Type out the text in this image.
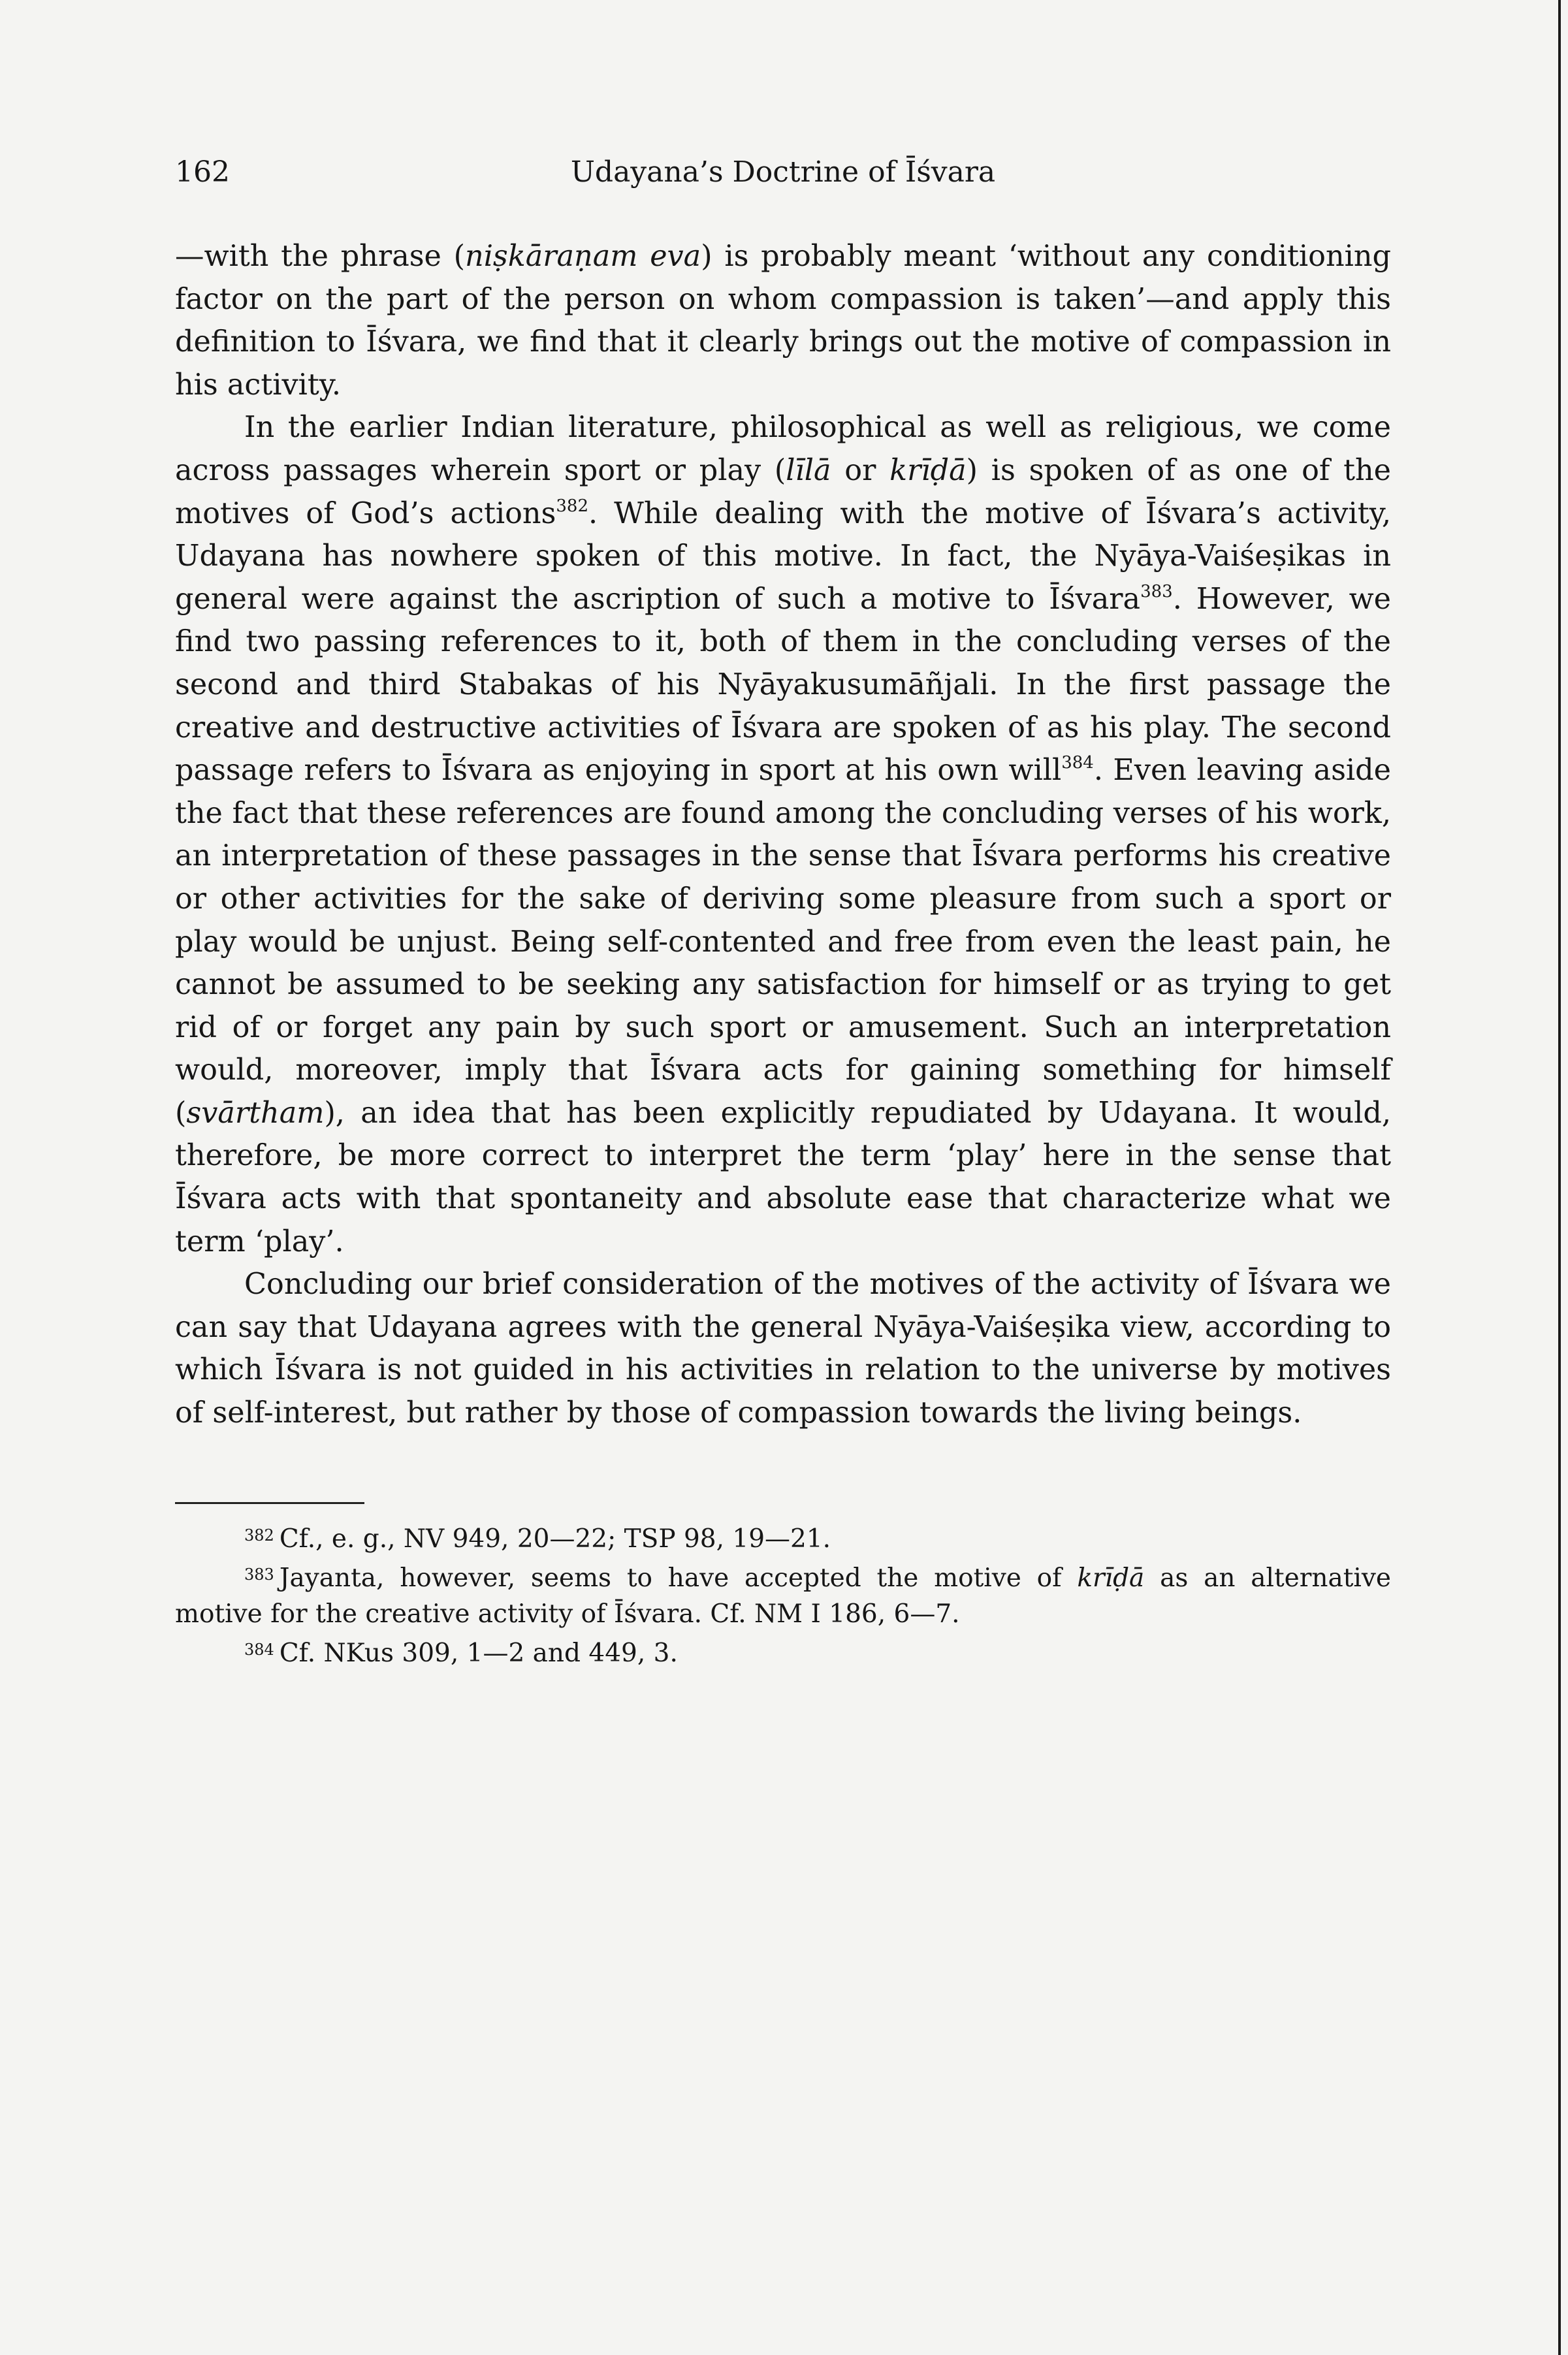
162	Udayana’s Doctrine of Īśvara

—with the phrase (niṣkāraṇam eva) is probably meant ‘without any conditioning factor on the part of the person on whom compassion is taken’—and apply this definition to Īśvara, we find that it clearly brings out the motive of compassion in his activity.

In the earlier Indian literature, philosophical as well as religious, we come across passages wherein sport or play (līlā or krīḍā) is spoken of as one of the motives of God’s actions$^{382}$. While dealing with the motive of Īśvara’s activity, Udayana has nowhere spoken of this motive. In fact, the Nyāya-Vaiśeṣikas in general were against the ascription of such a motive to Īśvara$^{383}$. However, we find two passing references to it, both of them in the concluding verses of the second and third Stabakas of his Nyāyakusumāñjali. In the first passage the creative and destructive activities of Īśvara are spoken of as his play. The second passage refers to Īśvara as enjoying in sport at his own will$^{384}$. Even leaving aside the fact that these references are found among the concluding verses of his work, an interpretation of these passages in the sense that Īśvara performs his creative or other activities for the sake of deriving some pleasure from such a sport or play would be unjust. Being self-contented and free from even the least pain, he cannot be assumed to be seeking any satisfaction for himself or as trying to get rid of or forget any pain by such sport or amusement. Such an interpretation would, moreover, imply that Īśvara acts for gaining something for himself (svārtham), an idea that has been explicitly repudiated by Udayana. It would, therefore, be more correct to interpret the term ‘play’ here in the sense that Īśvara acts with that spontaneity and absolute ease that characterize what we term ‘play’.

Concluding our brief consideration of the motives of the activity of Īśvara we can say that Udayana agrees with the general Nyāya-Vaiśeṣika view, according to which Īśvara is not guided in his activities in relation to the universe by motives of self-interest, but rather by those of compassion towards the living beings.

$^{382}$ Cf., e. g., NV 949, 20—22; TSP 98, 19—21.

$^{383}$ Jayanta, however, seems to have accepted the motive of krīḍā as an alternative motive for the creative activity of Īśvara. Cf. NM I 186, 6—7.

$^{384}$ Cf. NKus 309, 1—2 and 449, 3.
